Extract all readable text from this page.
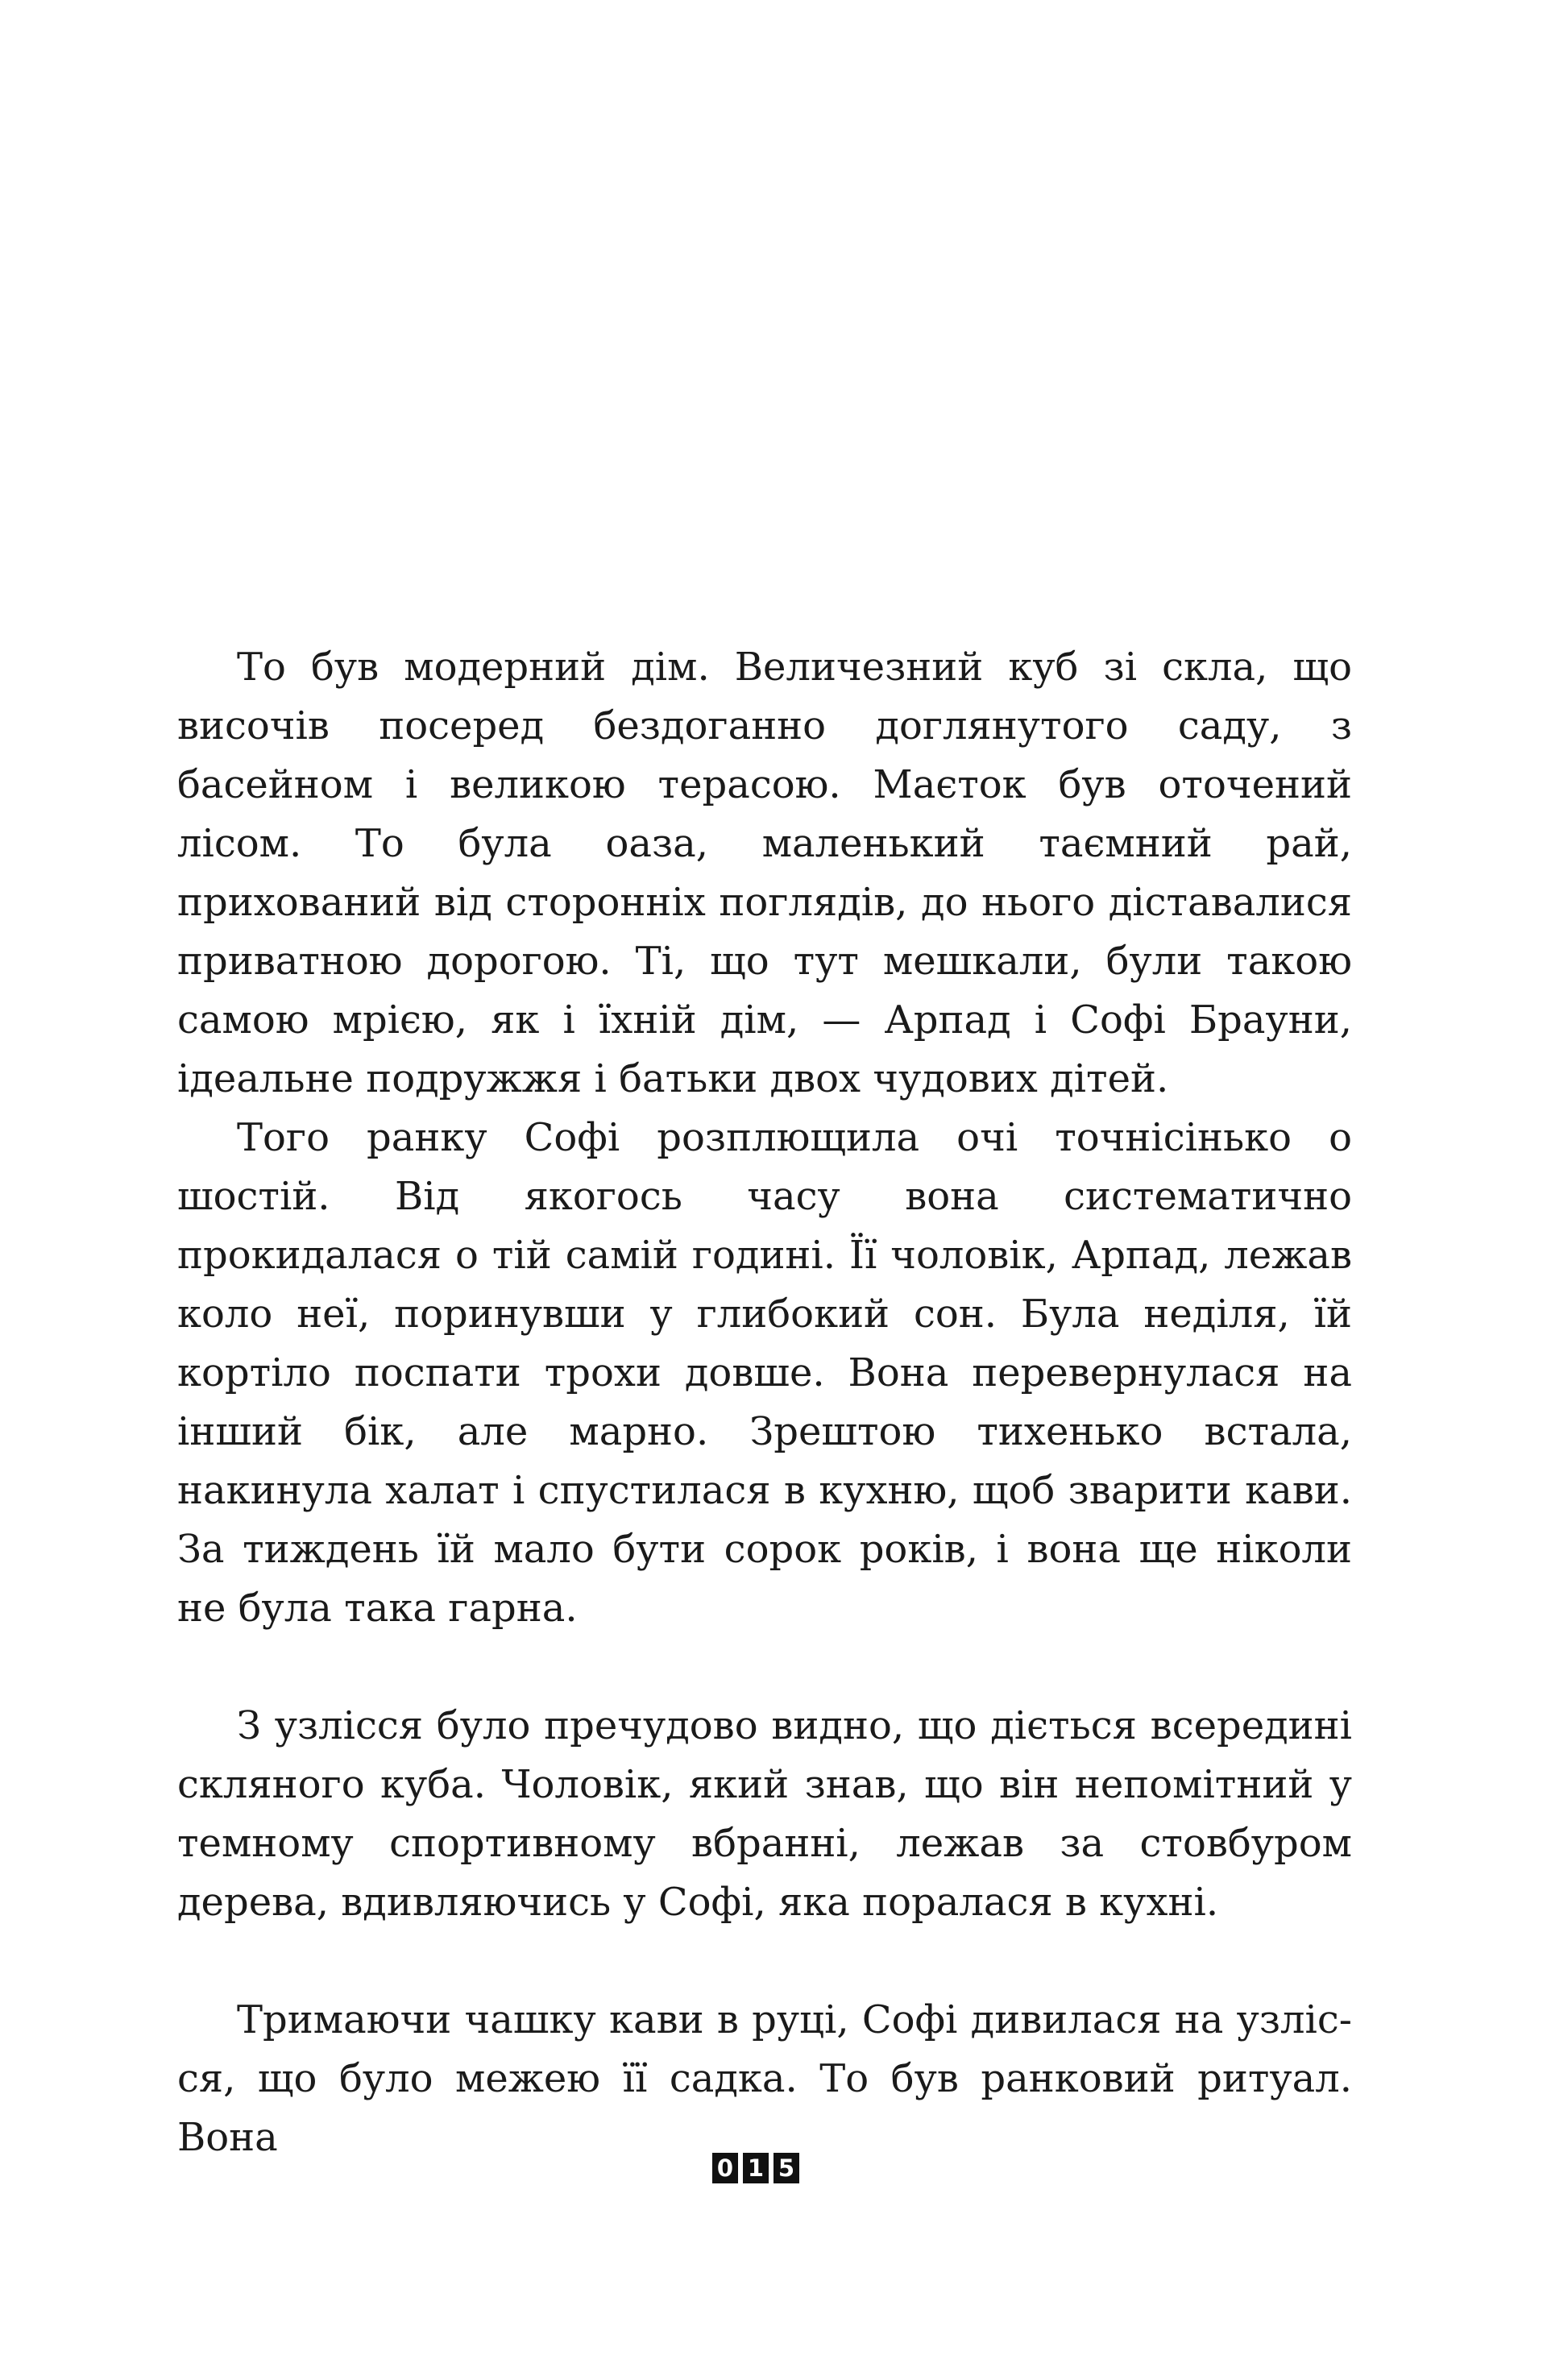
То був модерний дім. Величезний куб зі скла, що височів посеред бездоганно доглянутого саду, з басейном і великою терасою. Маєток був оточений лісом. То була оаза, маленький таємний рай, прихований від сторонніх поглядів, до нього діставалися приватною дорогою. Ті, що тут мешкали, були такою самою мрією, як і їхній дім, — Арпад і Софі Брауни, ідеальне подружжя і батьки двох чудових дітей.

Того ранку Софі розплющила очі точнісінько о шостій. Від якогось часу вона систематично прокидалася о тій самій годині. Її чоловік, Арпад, лежав коло неї, поринувши у глибокий сон. Була неділя, їй кортіло поспати трохи довше. Вона перевернулася на інший бік, але марно. Зрештою тихенько встала, накинула халат і спустилася в кухню, щоб зварити кави. За тиждень їй мало бути сорок років, і вона ще ніколи не була така гарна.

З узлісся було пречудово видно, що діється всередині скляного куба. Чоловік, який знав, що він непомітний у темному спортивному вбранні, лежав за стовбуром дерева, вдивляючись у Софі, яка поралася в кухні.

Тримаючи чашку кави в руці, Софі дивилася на узлісся, що було межею її садка. То був ранковий ритуал. Вона

0 1 5
